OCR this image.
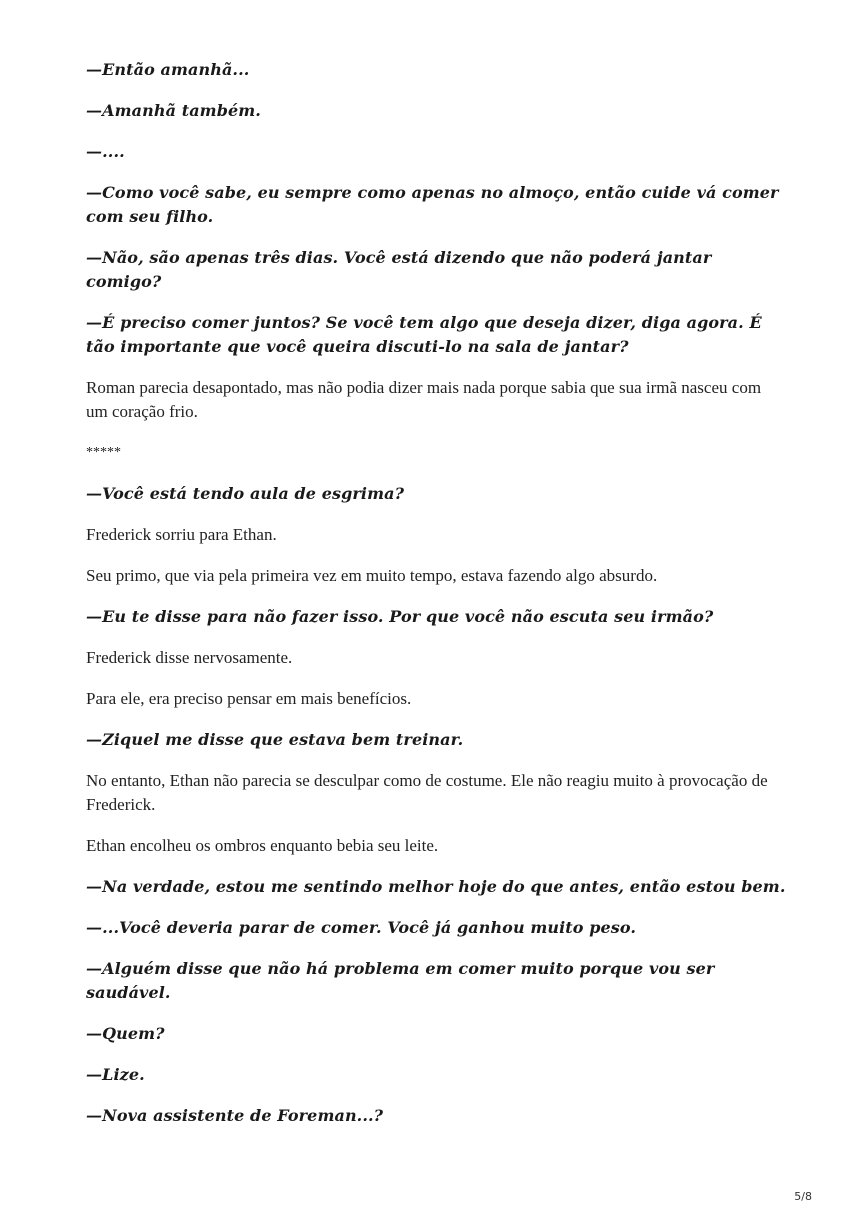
—Então amanhã...

—Amanhã também.

—....

—Como você sabe, eu sempre como apenas no almoço, então cuide vá comer com seu filho.

—Não, são apenas três dias. Você está dizendo que não poderá jantar comigo?

—É preciso comer juntos? Se você tem algo que deseja dizer, diga agora. É tão importante que você queira discuti-lo na sala de jantar?

Roman parecia desapontado, mas não podia dizer mais nada porque sabia que sua irmã nasceu com um coração frio.

*****

—Você está tendo aula de esgrima?

Frederick sorriu para Ethan.

Seu primo, que via pela primeira vez em muito tempo, estava fazendo algo absurdo.

—Eu te disse para não fazer isso. Por que você não escuta seu irmão?

Frederick disse nervosamente.

Para ele, era preciso pensar em mais benefícios.

—Ziquel me disse que estava bem treinar.

No entanto, Ethan não parecia se desculpar como de costume. Ele não reagiu muito à provocação de Frederick.

Ethan encolheu os ombros enquanto bebia seu leite.

—Na verdade, estou me sentindo melhor hoje do que antes, então estou bem.

—...Você deveria parar de comer. Você já ganhou muito peso.

—Alguém disse que não há problema em comer muito porque vou ser saudável.

—Quem?

—Lize.

—Nova assistente de Foreman...?

5/8
